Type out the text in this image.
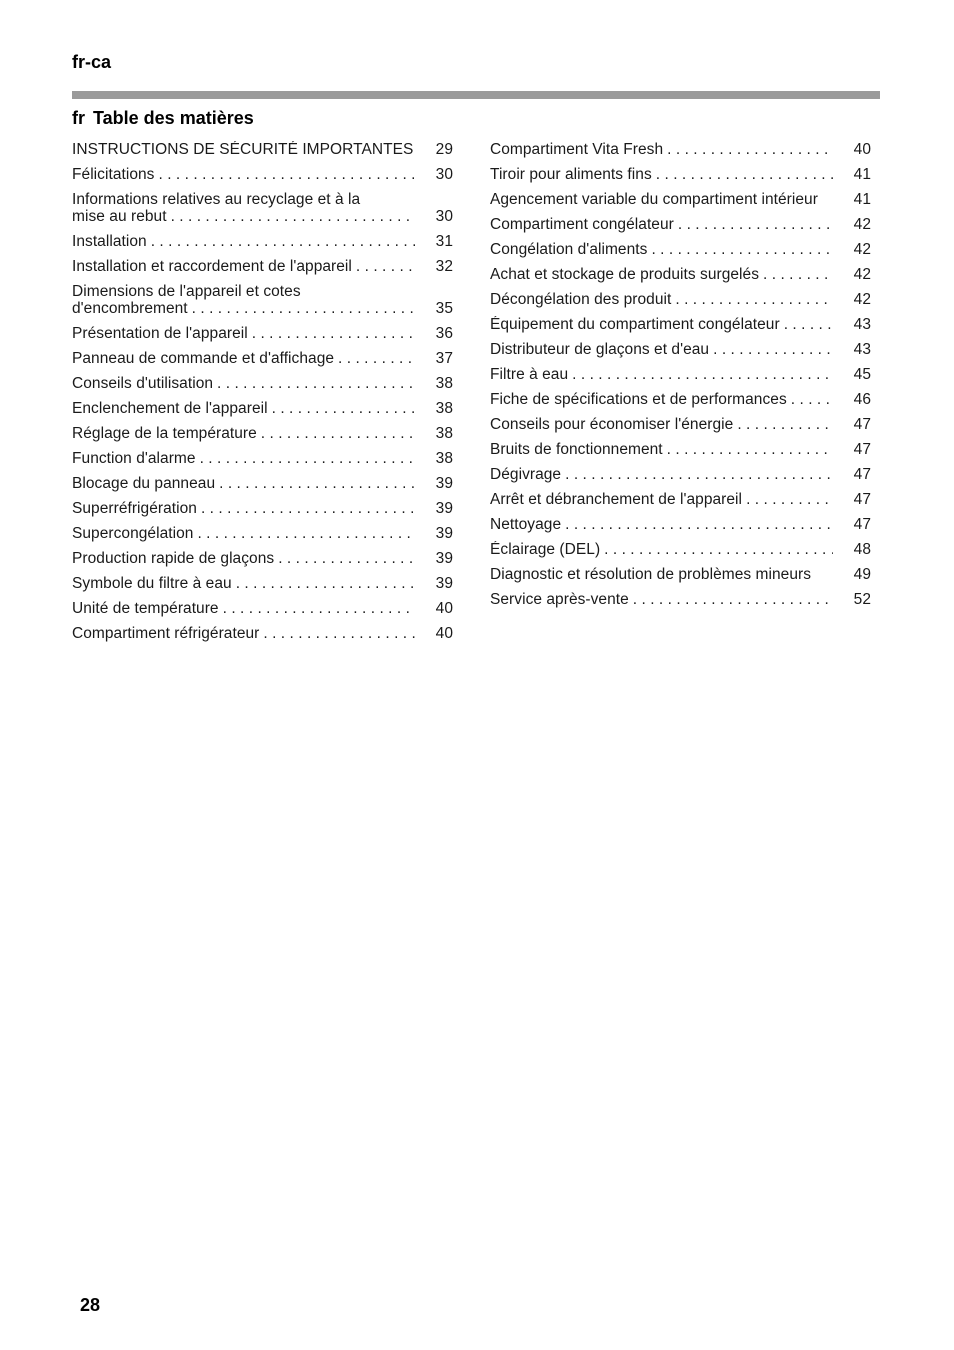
fr-ca
fr Table des matières
INSTRUCTIONS DE SÉCURITÉ IMPORTANTES	29
Félicitations . . .	30
Informations relatives au recyclage et à la
mise au rebut . . .	30
Installation . . .	31
Installation et raccordement de l'appareil . . .	32
Dimensions de l'appareil et cotes
d'encombrement . . .	35
Présentation de l'appareil . . .	36
Panneau de commande et d'affichage . . .	37
Conseils d'utilisation . . .	38
Enclenchement de l'appareil . . .	38
Réglage de la température . . .	38
Function d'alarme . . .	38
Blocage du panneau . . .	39
Superréfrigération . . .	39
Supercongélation . . .	39
Production rapide de glaçons . . .	39
Symbole du filtre à eau . . .	39
Unité de température . . .	40
Compartiment réfrigérateur . . .	40
Compartiment Vita Fresh . . .	40
Tiroir pour aliments fins . . .	41
Agencement variable du compartiment intérieur	41
Compartiment congélateur . . .	42
Congélation d'aliments . . .	42
Achat et stockage de produits surgelés . . .	42
Décongélation des produit . . .	42
Équipement du compartiment congélateur . . .	43
Distributeur de glaçons et d'eau . . .	43
Filtre à eau . . .	45
Fiche de spécifications et de performances . . .	46
Conseils pour économiser l'énergie . . .	47
Bruits de fonctionnement . . .	47
Dégivrage . . .	47
Arrêt et débranchement de l'appareil . . .	47
Nettoyage . . .	47
Éclairage (DEL) . . .	48
Diagnostic et résolution de problèmes mineurs	49
Service après-vente . . .	52
28
